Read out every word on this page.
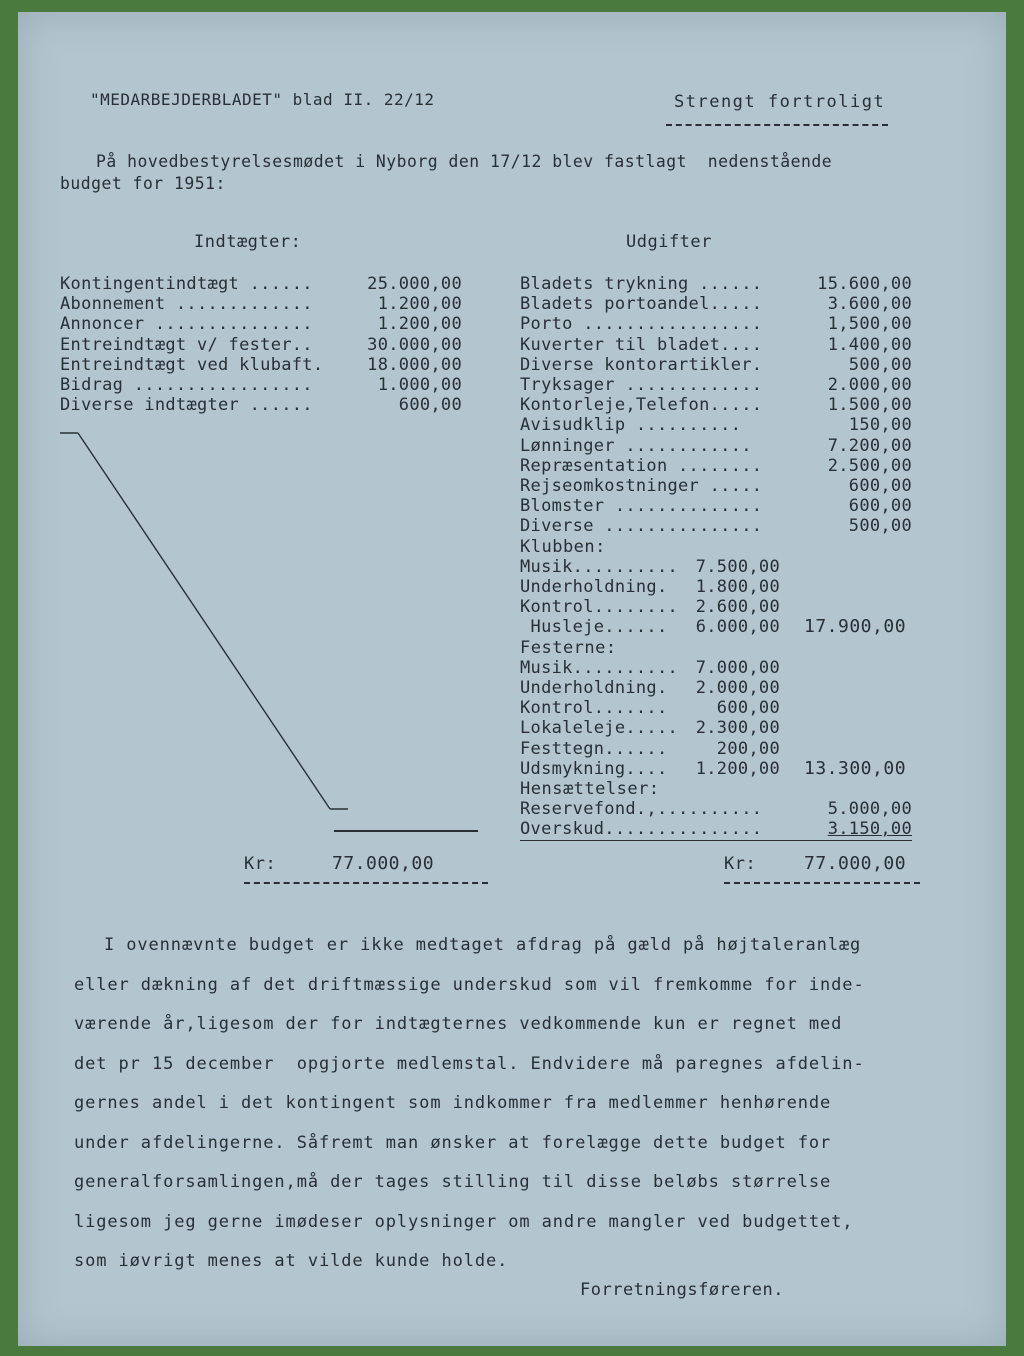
"MEDARBEJDERBLADET" blad II. 22/12	Strengt fortroligt
På hovedbestyrelsesmødet i Nyborg den 17/12 blev fastlagt  nedenstående
budget for 1951:
Indtægter:
Kontingentindtægt ......	25.000,00
Abonnement .............	1.200,00
Annoncer ...............	1.200,00
Entreindtægt v/ fester..	30.000,00
Entreindtægt ved klubaft.	18.000,00
Bidrag .................	1.000,00
Diverse indtægter ......	600,00
Udgifter
Bladets trykning ......	15.600,00
Bladets portoandel.....	3.600,00
Porto .................	1,500,00
Kuverter til bladet....	1.400,00
Diverse kontorartikler.	500,00
Tryksager .............	2.000,00
Kontorleje,Telefon.....	1.500,00
Avisudklip ..........	150,00
Lønninger ............	7.200,00
Repræsentation ........	2.500,00
Rejseomkostninger .....	600,00
Blomster ..............	600,00
Diverse ...............	500,00
Klubben:
Musik.......... 7.500,00
Underholdning. 1.800,00
Kontrol........ 2.600,00
Husleje...... 6.000,00 17.900,00
Festerne:
Musik.......... 7.000,00
Underholdning. 2.000,00
Kontrol.......	600,00
Lokaleleje..... 2.300,00
Festtegn......	200,00
Udsmykning.... 1.200,00 13.300,00
Hensættelser:
Reservefond.,..........	5.000,00
Overskud...............	3.150,00
Kr:	77.000,00	Kr:	77.000,00
I ovennævnte budget er ikke medtaget afdrag på gæld på højtaleranlæg
eller dækning af det driftmæssige underskud som vil fremkomme for inde-
værende år,ligesom der for indtægternes vedkommende kun er regnet med
det pr 15 december  opgjorte medlemstal. Endvidere må paregnes afdelin-
gernes andel i det kontingent som indkommer fra medlemmer henhørende
under afdelingerne. Såfremt man ønsker at forelægge dette budget for
generalforsamlingen,må der tages stilling til disse beløbs størrelse
ligesom jeg gerne imødeser oplysninger om andre mangler ved budgettet,
som iøvrigt menes at vilde kunde holde.
Forretningsføreren.
